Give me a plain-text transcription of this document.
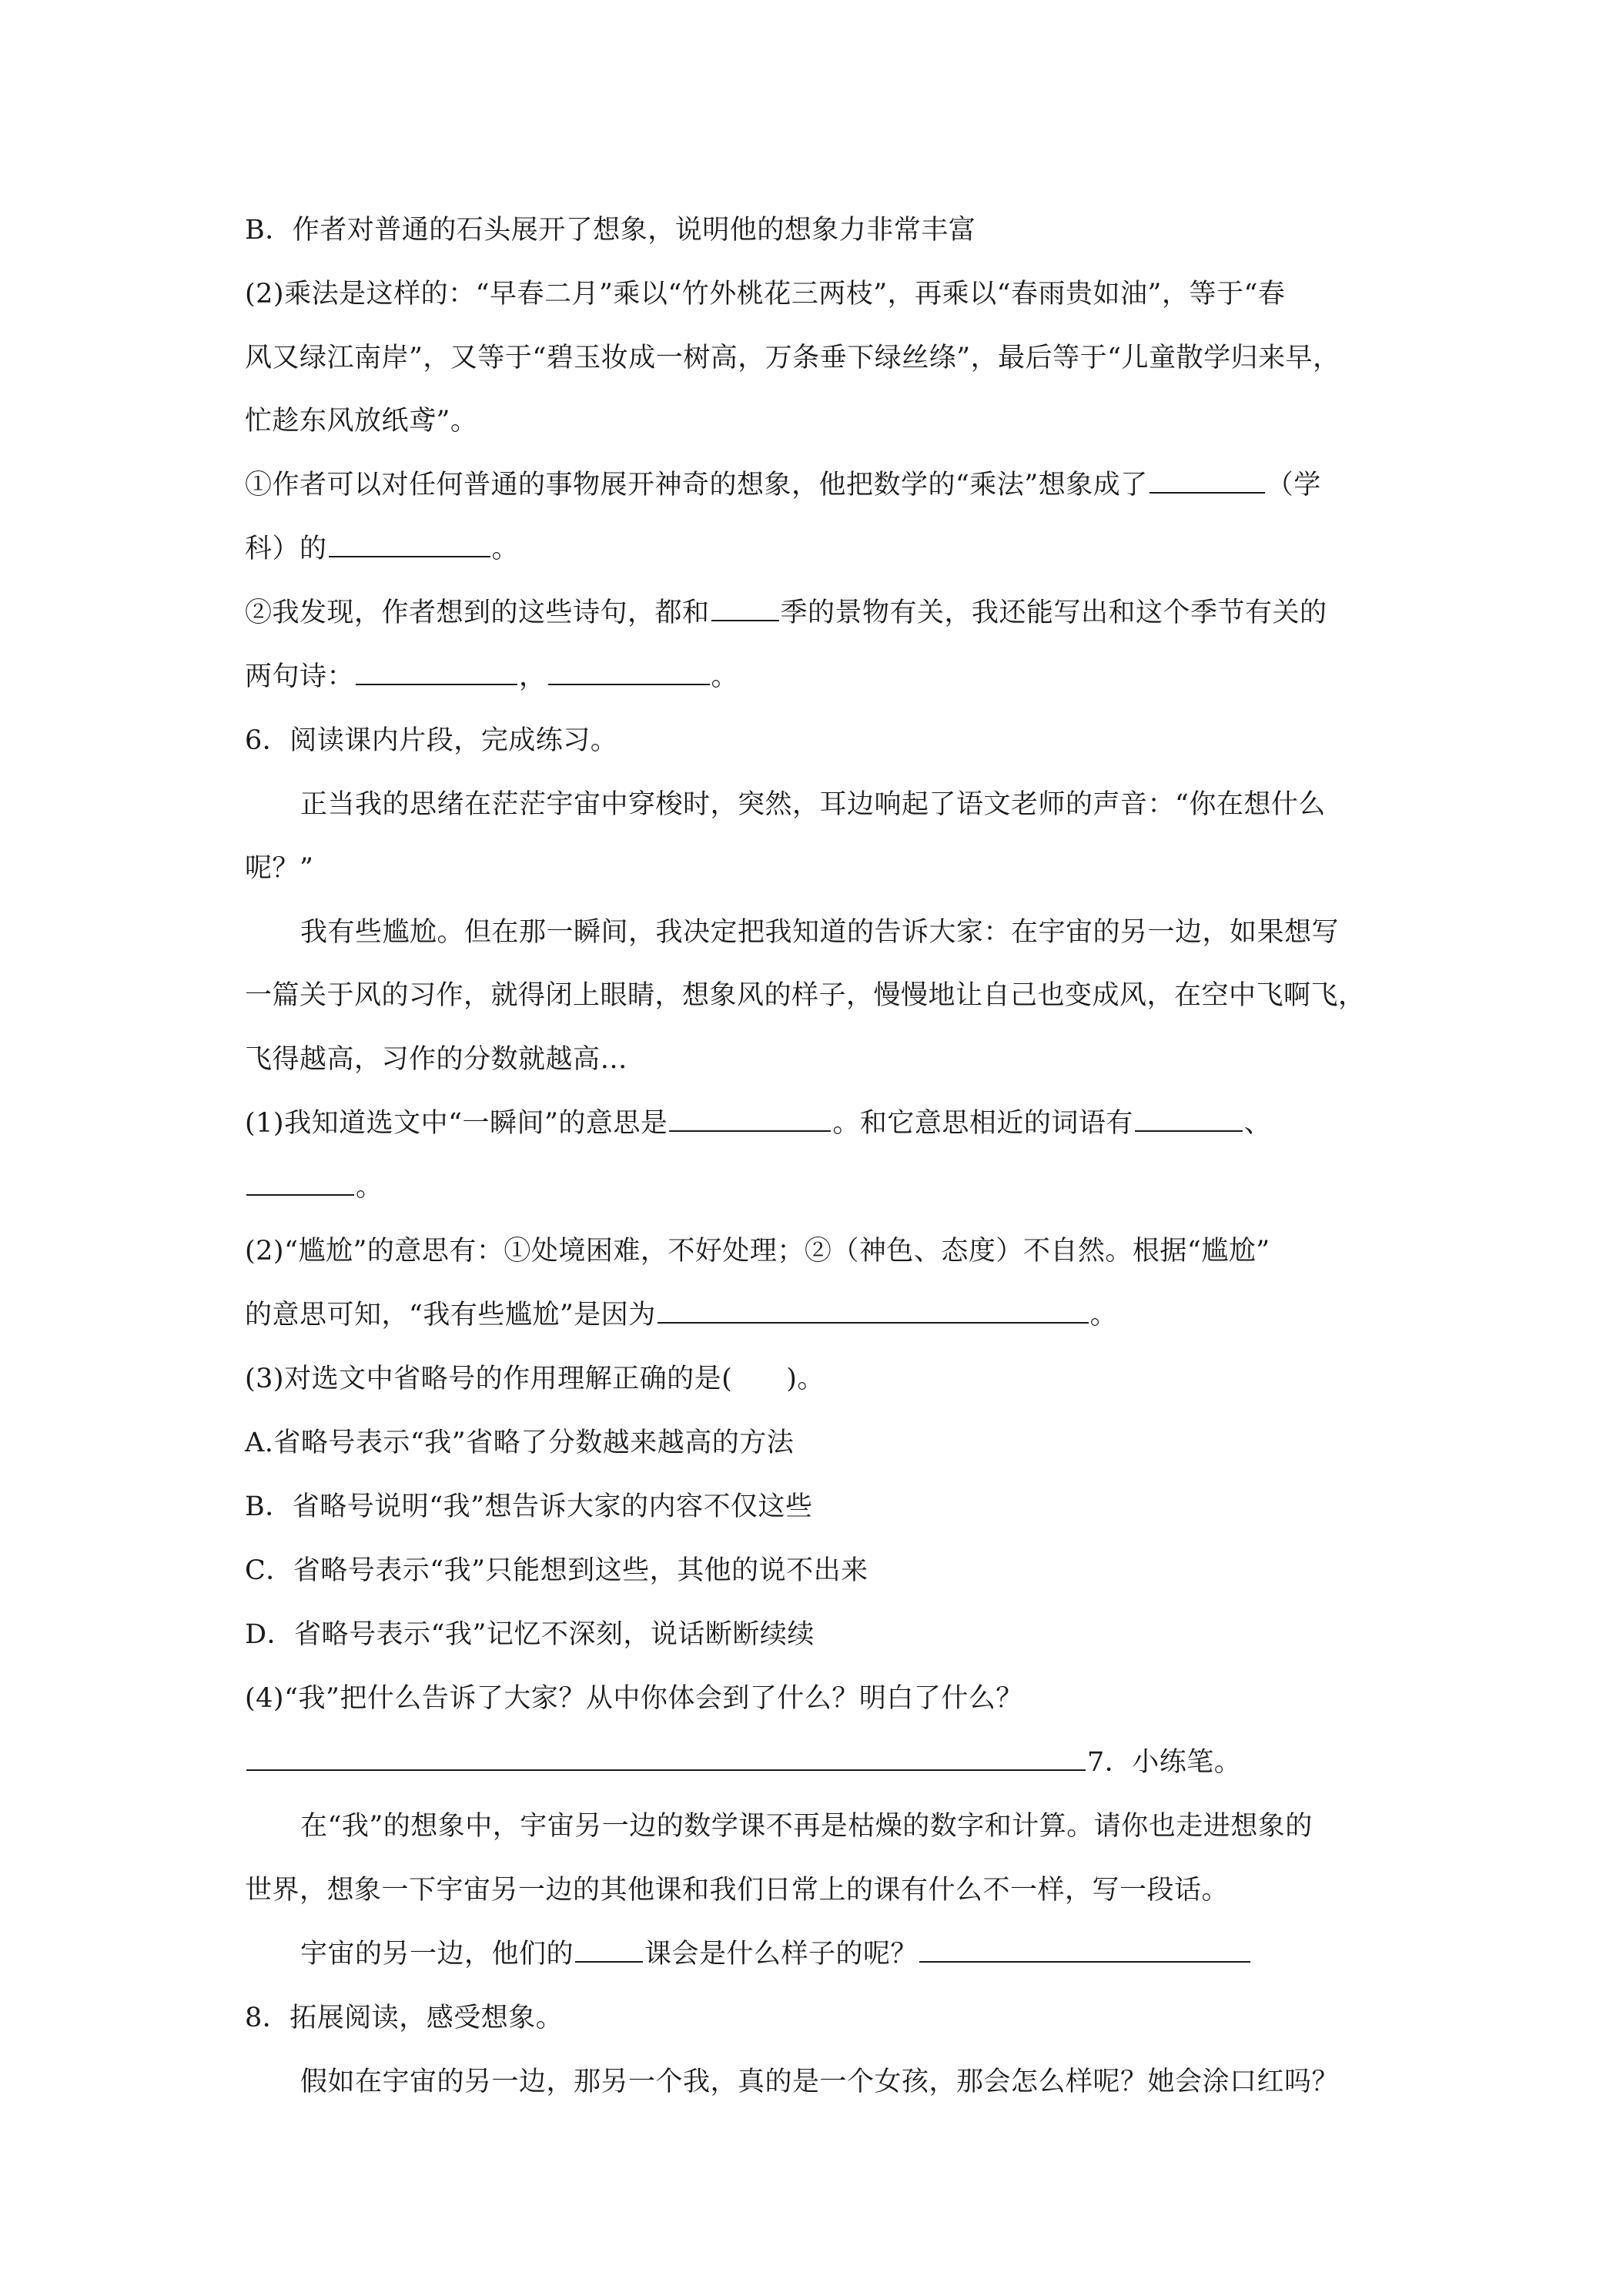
B．作者对普通的石头展开了想象，说明他的想象力非常丰富
(2)乘法是这样的：“早春二月”乘以“竹外桃花三两枝”，再乘以“春雨贵如油”，等于“春
风又绿江南岸”，又等于“碧玉妆成一树高，万条垂下绿丝绦”，最后等于“儿童散学归来早，
忙趁东风放纸鸢”。
①作者可以对任何普通的事物展开神奇的想象，他把数学的“乘法”想象成了	（学
科）的	。
②我发现，作者想到的这些诗句，都和	季的景物有关，我还能写出和这个季节有关的
两句诗：	，	。
6．阅读课内片段，完成练习。
正当我的思绪在茫茫宇宙中穿梭时，突然，耳边响起了语文老师的声音：“你在想什么
呢？”
我有些尴尬。但在那一瞬间，我决定把我知道的告诉大家：在宇宙的另一边，如果想写
一篇关于风的习作，就得闭上眼睛，想象风的样子，慢慢地让自己也变成风，在空中飞啊飞，
飞得越高，习作的分数就越高…
(1)我知道选文中“一瞬间”的意思是	。和它意思相近的词语有	、
。
(2)“尴尬”的意思有：①处境困难，不好处理；②（神色、态度）不自然。根据“尴尬”
的意思可知，“我有些尴尬”是因为	。
(3)对选文中省略号的作用理解正确的是( )。
A.省略号表示“我”省略了分数越来越高的方法
B．省略号说明“我”想告诉大家的内容不仅这些
C．省略号表示“我”只能想到这些，其他的说不出来
D．省略号表示“我”记忆不深刻，说话断断续续
(4)“我”把什么告诉了大家？从中你体会到了什么？明白了什么？
7．小练笔。
在“我”的想象中，宇宙另一边的数学课不再是枯燥的数字和计算。请你也走进想象的
世界，想象一下宇宙另一边的其他课和我们日常上的课有什么不一样，写一段话。
宇宙的另一边，他们的	课会是什么样子的呢？
8．拓展阅读，感受想象。
假如在宇宙的另一边，那另一个我，真的是一个女孩，那会怎么样呢？她会涂口红吗？
